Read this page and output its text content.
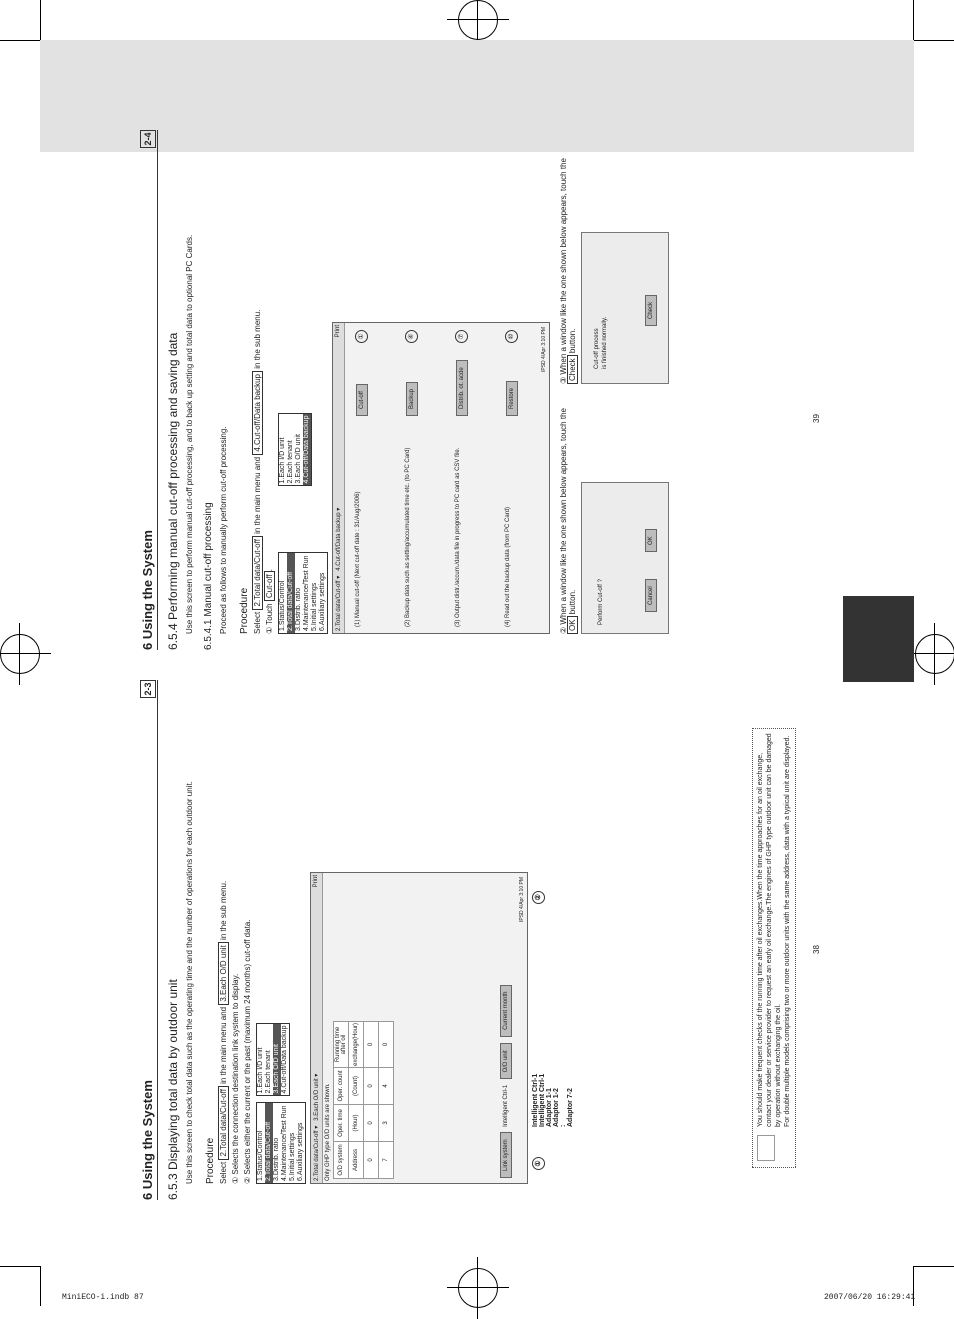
6 Using the System
2-4
6.5.4 Performing manual cut-off processing and saving data Use this screen to perform manual cut-off processing, and to back up setting and total data to optional PC Cards. 6.5.4.1 Manual cut-off processing Proceed as follows to manually perform cut-off processing. Procedure Select 2.Total data/Cut-off in the main menu and 4.Cut-off/Data backup in the sub menu.
① Touch Cut-off.
1.Status/Control 2.Total data/Cut-off 3.Distrib. ratio 4.Maintenance/Test Run 5.Initial settings 6.Auxiliary settings
1.Each I/D unit 2.Each tenant 3.Each O/D unit 4.Cut-off/Data backup
2.Total data/Cut-off ▾   4.Cut-off/Data backup ▾
Print
(1) Manual cut-off (Next cut-off date : 31/Aug/2006)	(2) Backup data such as setting/accumulated time etc. (to PC Card)	(3) Output distr./accum./data file in progress to PC card as CSV file.	(4) Read out the backup data (from PC Card)
Cut-off	Backup	Distrib. ot. acde	Restore
①	④	⑦	⑩	IPSD 4/Apr 3:10 PM
② When a window like the one shown below appears, touch the OK button.	Perform Cut-off ?	Cancel
OK
③ When a window like the one shown below appears, touch the Check button.	Cut-off process is finished normally.
Check
39
6 Using the System
2-3
6.5.3 Displaying total data by outdoor unit Use this screen to check total data such as the operating time and the number of operations for each outdoor unit. Procedure Select 2.Total data/Cut-off in the main menu and 3.Each O/D unit in the sub menu.
① Selects the connection destination link system to display. ② Selects either the current or the past (maximum 24 months) cut-off data. 1.Status/Control 2.Total data/Cut-off 3.Distrib. ratio 4.Maintenance/Test Run 5.Initial settings 6.Auxiliary settings
1.Each I/D unit 2.Each tenant 3.Each O/D unit 4.Cut-off/Data backup
2.Total data/Cut-off ▾   3.Each O/D unit ▾
Print
Only GHP type O/D units are shown.	O/D system	Oper. time	Oper. count	Running time after oil
Address	(Hour)	(Count)	exchange(Hour)
0	0	0	0
7	3	4	0
Link system Intelligent Ctrl-1 O/D unit Current month
IPSD 4/Apr 3:10 PM
①
Intelligent Ctrl-1 Intelligent Ctrl-1 Adaptor 1-1 Adaptor 1-2 : Adaptor 7-2
②
38
You should make frequent checks of the running time after oil exchanges.When the time approaches for an oil exchange, contact your dealer or service provider to request an early oil exchange.The engines of GHP type outdoor unit can be damaged by operation without exchanging the oil. For double multiple models comprising two or more outdoor units with the same address, data with a typical unit are displayed.
MiniECO-i.indb 87	2007/06/20 16:29:41
